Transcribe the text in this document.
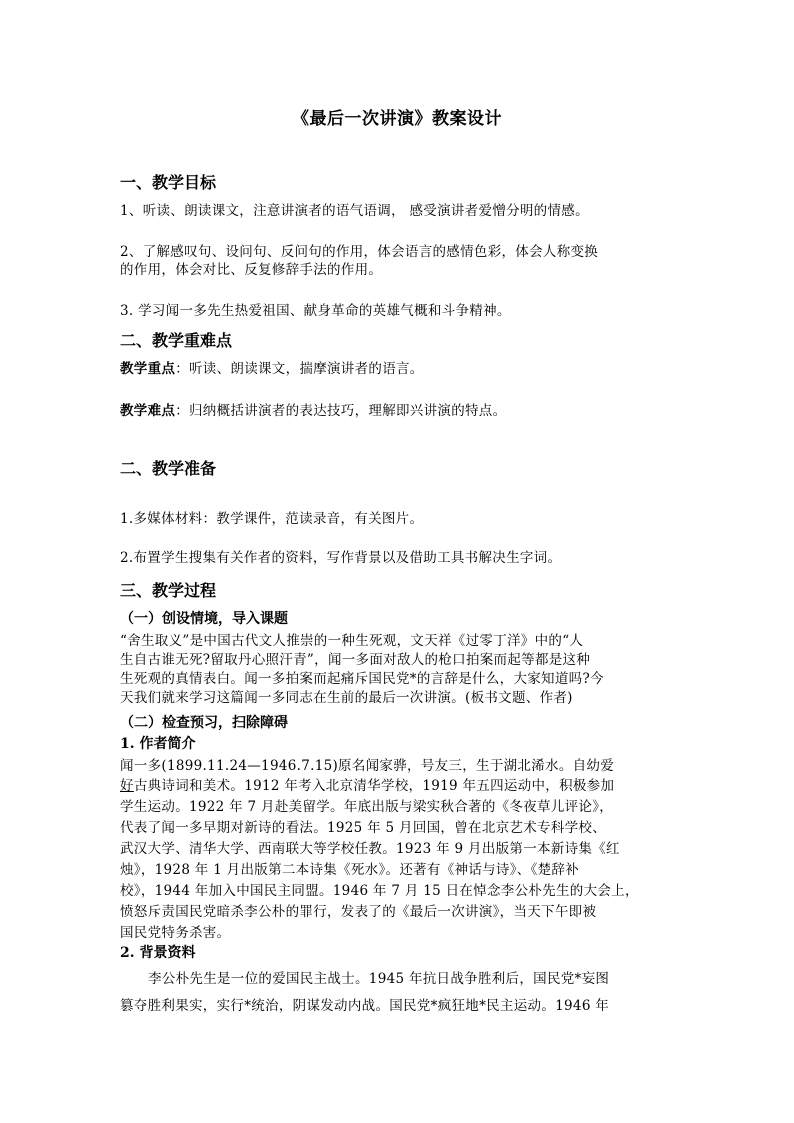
《最后一次讲演》教案设计
一、教学目标
1、听读、朗读课文，注意讲演者的语气语调， 感受演讲者爱憎分明的情感。
2、了解感叹句、设问句、反问句的作用，体会语言的感情色彩，体会人称变换
的作用，体会对比、反复修辞手法的作用。
3. 学习闻一多先生热爱祖国、献身革命的英雄气概和斗争精神。
二、教学重难点
教学重点：听读、朗读课文，揣摩演讲者的语言。
教学难点：归纳概括讲演者的表达技巧，理解即兴讲演的特点。
二、教学准备
1.多媒体材料：教学课件，范读录音，有关图片。
2.布置学生搜集有关作者的资料，写作背景以及借助工具书解决生字词。
三、教学过程
（一）创设情境，导入课题
“舍生取义”是中国古代文人推崇的一种生死观，文天祥《过零丁洋》中的“人
生自古谁无死?留取丹心照汗青”，闻一多面对敌人的枪口拍案而起等都是这种
生死观的真情表白。闻一多拍案而起痛斥国民党*的言辞是什么，大家知道吗?今
天我们就来学习这篇闻一多同志在生前的最后一次讲演。(板书文题、作者)
（二）检查预习，扫除障碍
1. 作者简介
闻一多(1899.11.24—1946.7.15)原名闻家骅，号友三，生于湖北浠水。自幼爱
好古典诗词和美术。1912 年考入北京清华学校，1919 年五四运动中，积极参加
学生运动。1922 年 7 月赴美留学。年底出版与梁实秋合著的《冬夜草儿评论》，
代表了闻一多早期对新诗的看法。1925 年 5 月回国，曾在北京艺术专科学校、
武汉大学、清华大学、西南联大等学校任教。1923 年 9 月出版第一本新诗集《红
烛》，1928 年 1 月出版第二本诗集《死水》。还著有《神话与诗》、《楚辞补
校》，1944 年加入中国民主同盟。1946 年 7 月 15 日在悼念李公朴先生的大会上，
愤怒斥责国民党暗杀李公朴的罪行，发表了的《最后一次讲演》，当天下午即被
国民党特务杀害。
2. 背景资料
李公朴先生是一位的爱国民主战士。1945 年抗日战争胜利后，国民党*妄图
篡夺胜利果实，实行*统治，阴谋发动内战。国民党*疯狂地*民主运动。1946 年
